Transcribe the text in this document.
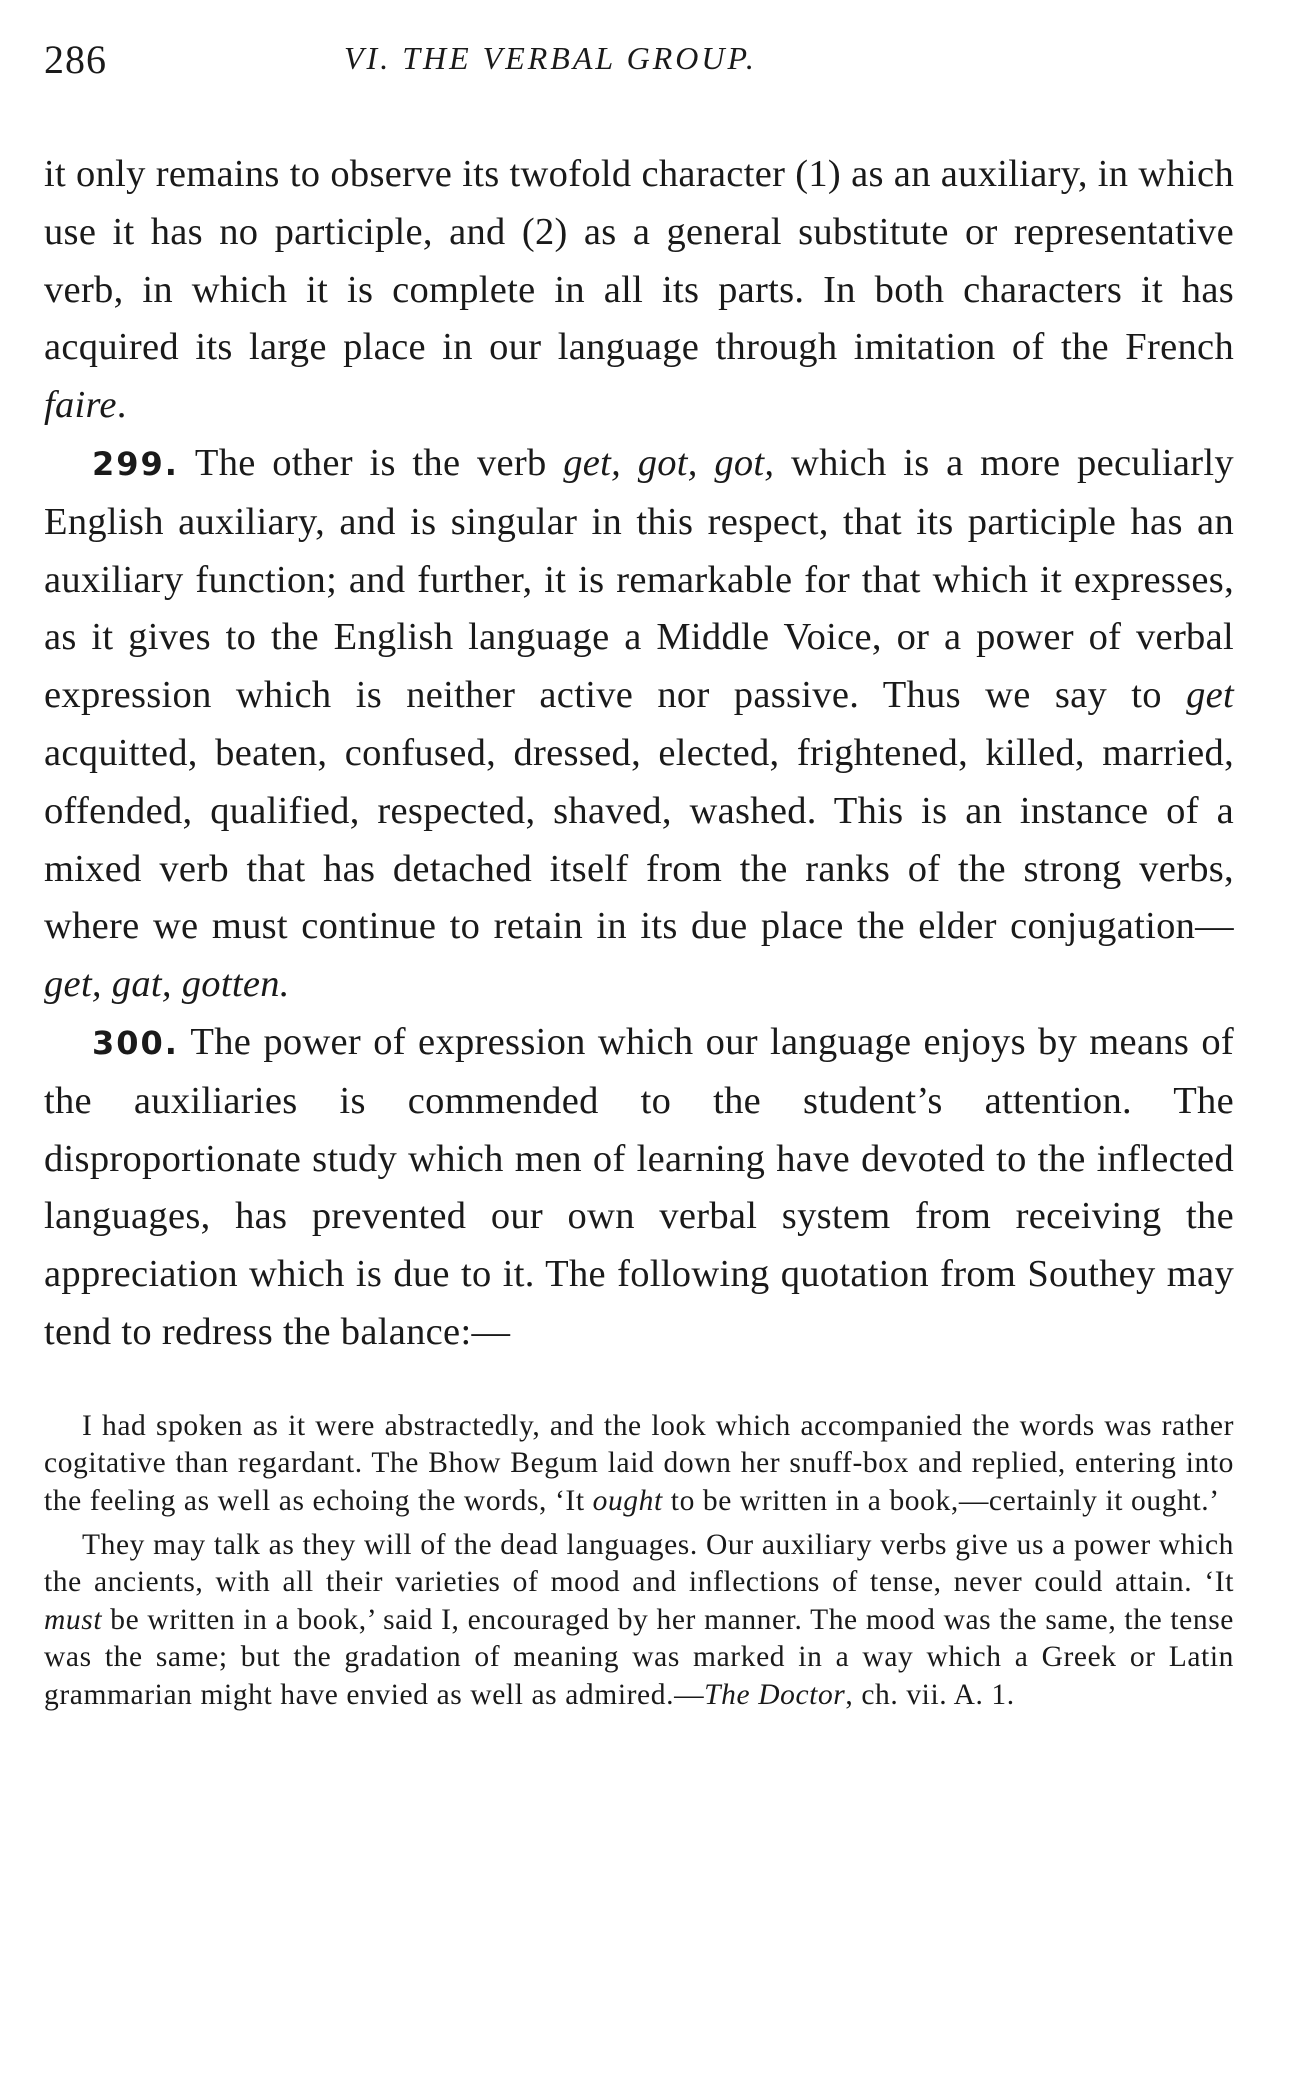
286	VI. THE VERBAL GROUP.

it only remains to observe its twofold character (1) as an auxiliary, in which use it has no participle, and (2) as a general substitute or representative verb, in which it is complete in all its parts. In both characters it has acquired its large place in our language through imitation of the French faire.

299. The other is the verb get, got, got, which is a more peculiarly English auxiliary, and is singular in this respect, that its participle has an auxiliary function; and further, it is remarkable for that which it expresses, as it gives to the English language a Middle Voice, or a power of verbal expression which is neither active nor passive. Thus we say to get acquitted, beaten, confused, dressed, elected, frightened, killed, married, offended, qualified, respected, shaved, washed. This is an instance of a mixed verb that has detached itself from the ranks of the strong verbs, where we must continue to retain in its due place the elder conjugation—get, gat, gotten.

300. The power of expression which our language enjoys by means of the auxiliaries is commended to the student’s attention. The disproportionate study which men of learning have devoted to the inflected languages, has prevented our own verbal system from receiving the appreciation which is due to it. The following quotation from Southey may tend to redress the balance:—

I had spoken as it were abstractedly, and the look which accompanied the words was rather cogitative than regardant. The Bhow Begum laid down her snuff-box and replied, entering into the feeling as well as echoing the words, ‘It ought to be written in a book,—certainly it ought.’

They may talk as they will of the dead languages. Our auxiliary verbs give us a power which the ancients, with all their varieties of mood and inflections of tense, never could attain. ‘It must be written in a book,’ said I, encouraged by her manner. The mood was the same, the tense was the same; but the gradation of meaning was marked in a way which a Greek or Latin grammarian might have envied as well as admired.—The Doctor, ch. vii. A. 1.
